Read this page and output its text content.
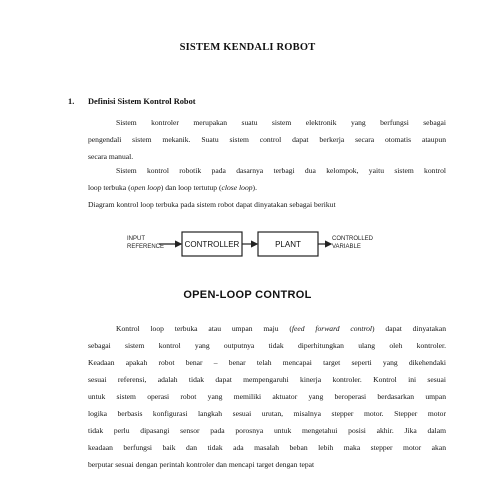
SISTEM KENDALI ROBOT
1. Definisi Sistem Kontrol Robot
Sistem kontroler merupakan suatu sistem elektronik yang berfungsi sebagai
pengendali sistem mekanik. Suatu sistem control dapat berkerja secara otomatis ataupun
secara manual.
Sistem kontrol robotik pada dasarnya terbagi dua kelompok, yaitu sistem kontrol
loop terbuka (open loop) dan loop tertutup (close loop).
Diagram kontrol loop terbuka pada sistem robot dapat dinyatakan sebagai berikut
INPUT
REFERENCE	CONTROLLER	PLANT
CONTROLLED
VARIABLE
OPEN-LOOP CONTROL
Kontrol loop terbuka atau umpan maju (feed forward control) dapat dinyatakan
sebagai sistem kontrol yang outputnya tidak diperhitungkan ulang oleh kontroler.
Keadaan apakah robot benar – benar telah mencapai target seperti yang dikehendaki
sesuai referensi, adalah tidak dapat mempengaruhi kinerja kontroler. Kontrol ini sesuai
untuk sistem operasi robot yang memiliki aktuator yang beroperasi berdasarkan umpan
logika berbasis konfigurasi langkah sesuai urutan, misalnya stepper motor. Stepper motor
tidak perlu dipasangi sensor pada porosnya untuk mengetahui posisi akhir. Jika dalam
keadaan berfungsi baik dan tidak ada masalah beban lebih maka stepper motor akan
berputar sesuai dengan perintah kontroler dan mencapi target dengan tepat
